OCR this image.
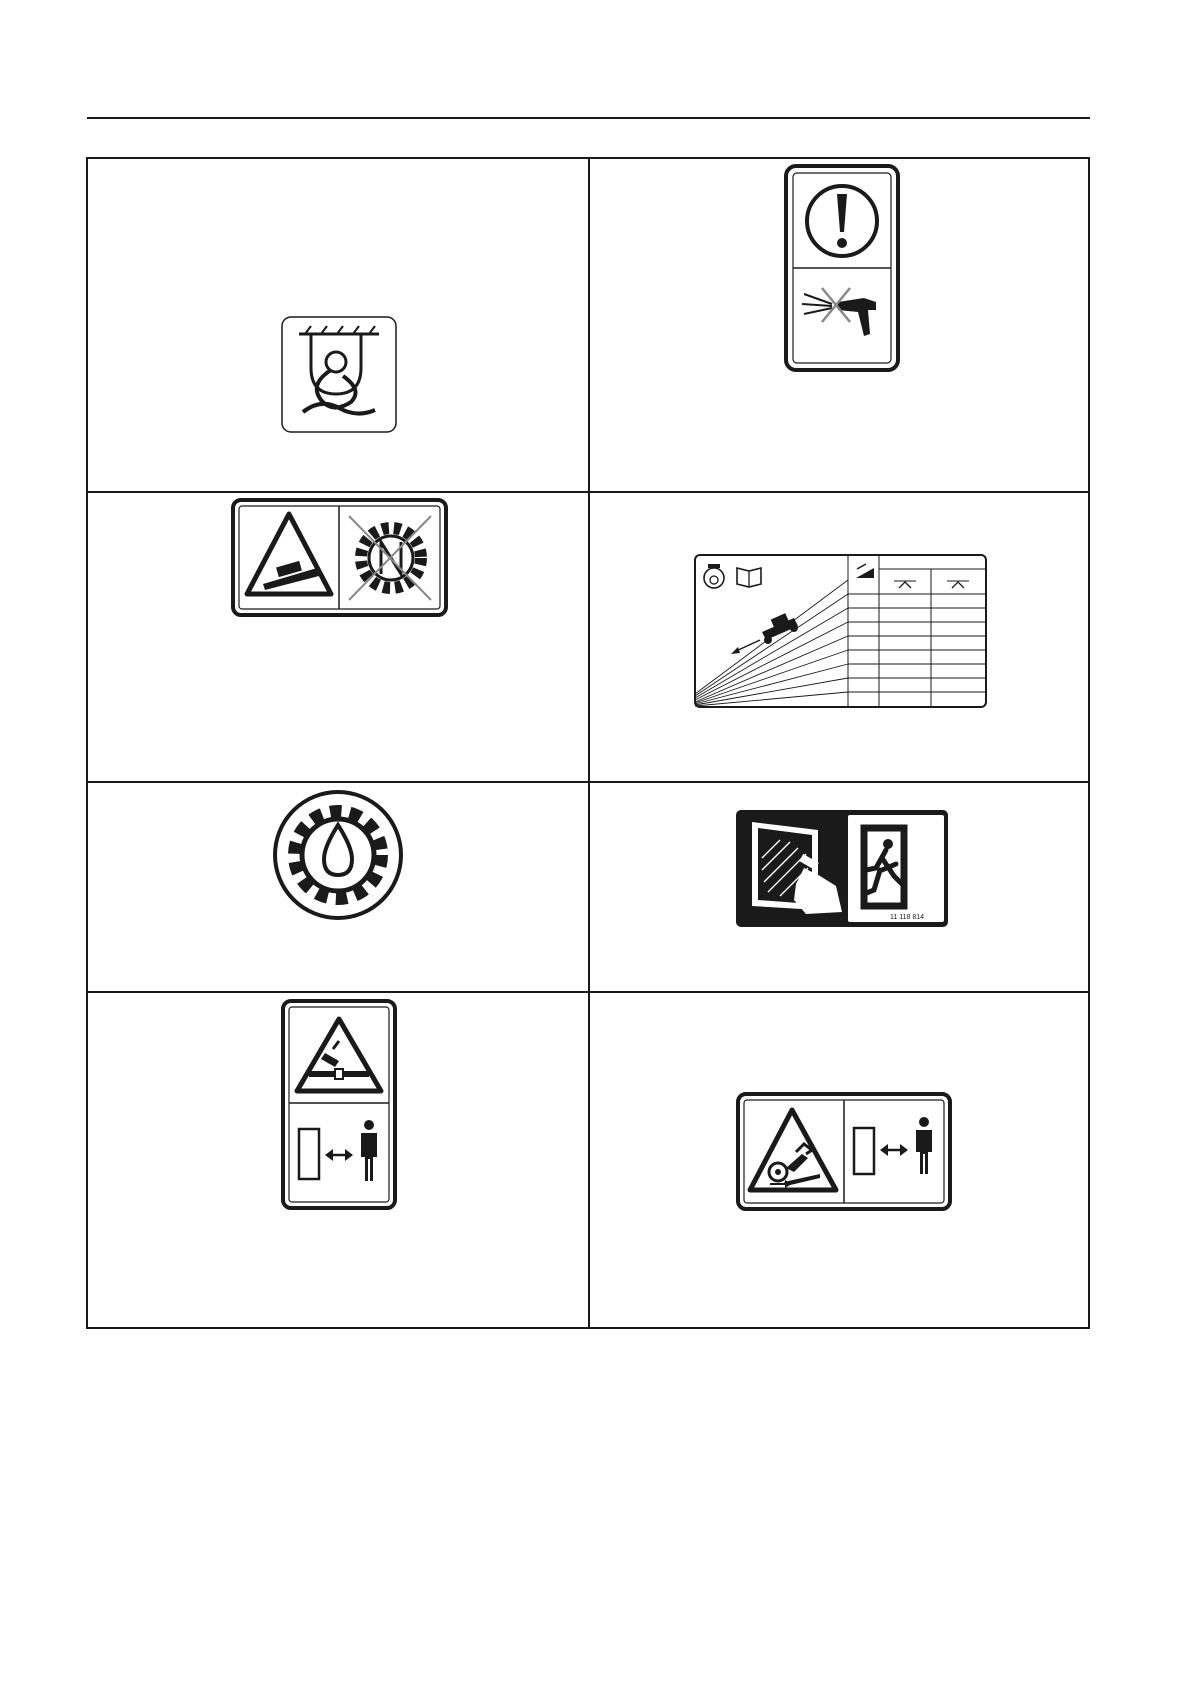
11 118 814
